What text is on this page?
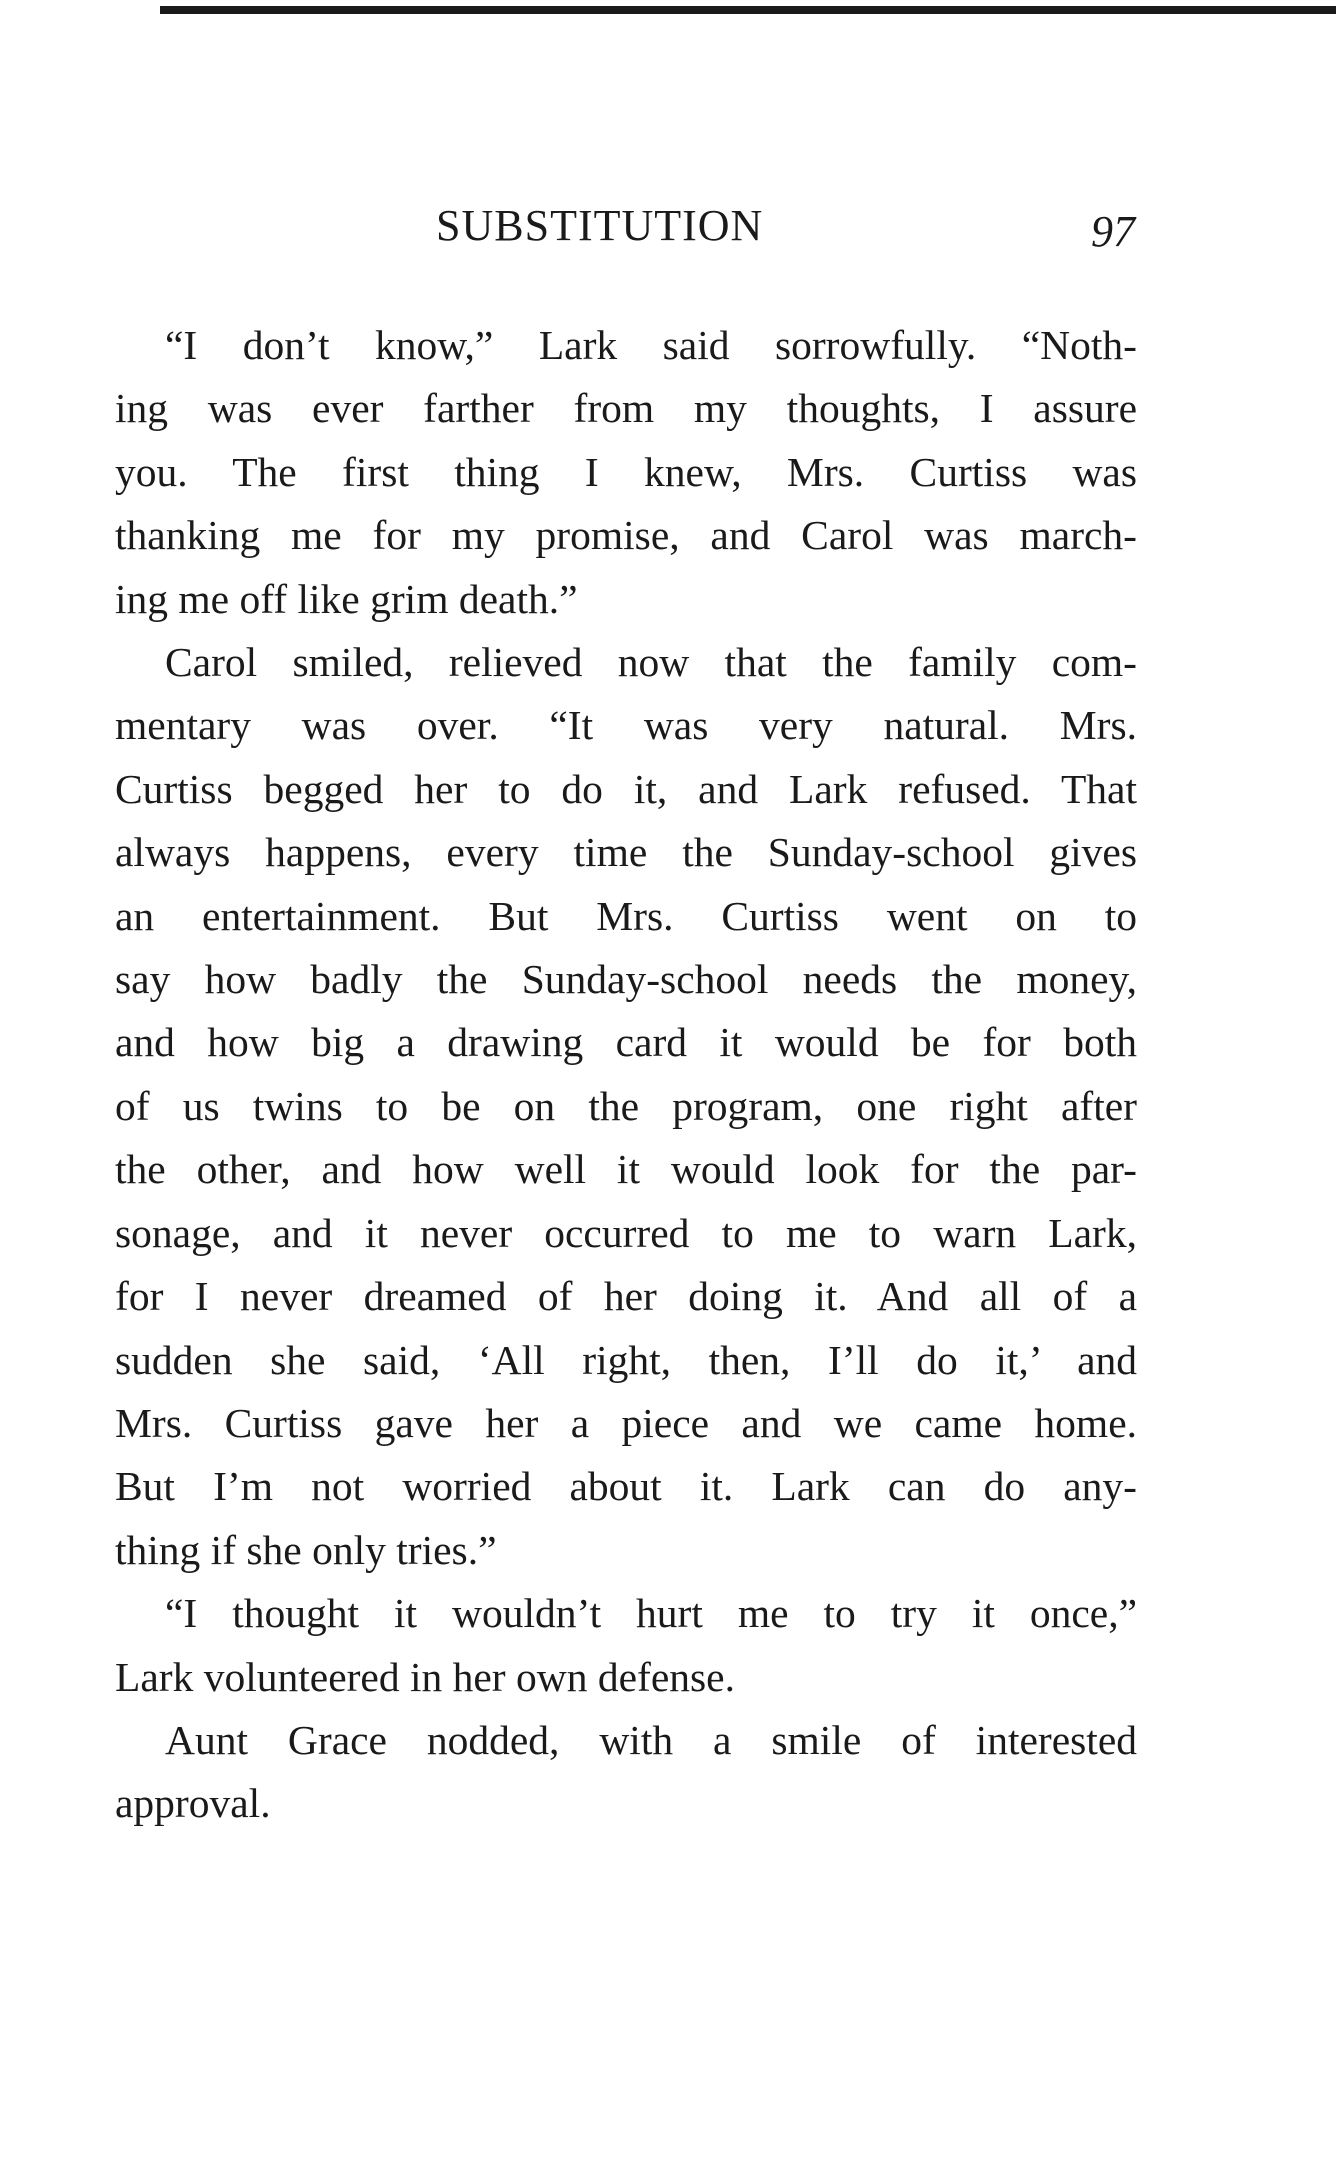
SUBSTITUTION	97
“I don’t know,” Lark said sorrowfully. “Noth-
ing was ever farther from my thoughts, I assure
you. The first thing I knew, Mrs. Curtiss was
thanking me for my promise, and Carol was march-
ing me off like grim death.”
Carol smiled, relieved now that the family com-
mentary was over. “It was very natural. Mrs.
Curtiss begged her to do it, and Lark refused. That
always happens, every time the Sunday-school gives
an entertainment. But Mrs. Curtiss went on to
say how badly the Sunday-school needs the money,
and how big a drawing card it would be for both
of us twins to be on the program, one right after
the other, and how well it would look for the par-
sonage, and it never occurred to me to warn Lark,
for I never dreamed of her doing it. And all of a
sudden she said, ‘All right, then, I’ll do it,’ and
Mrs. Curtiss gave her a piece and we came home.
But I’m not worried about it. Lark can do any-
thing if she only tries.”
“I thought it wouldn’t hurt me to try it once,”
Lark volunteered in her own defense.
Aunt Grace nodded, with a smile of interested
approval.
